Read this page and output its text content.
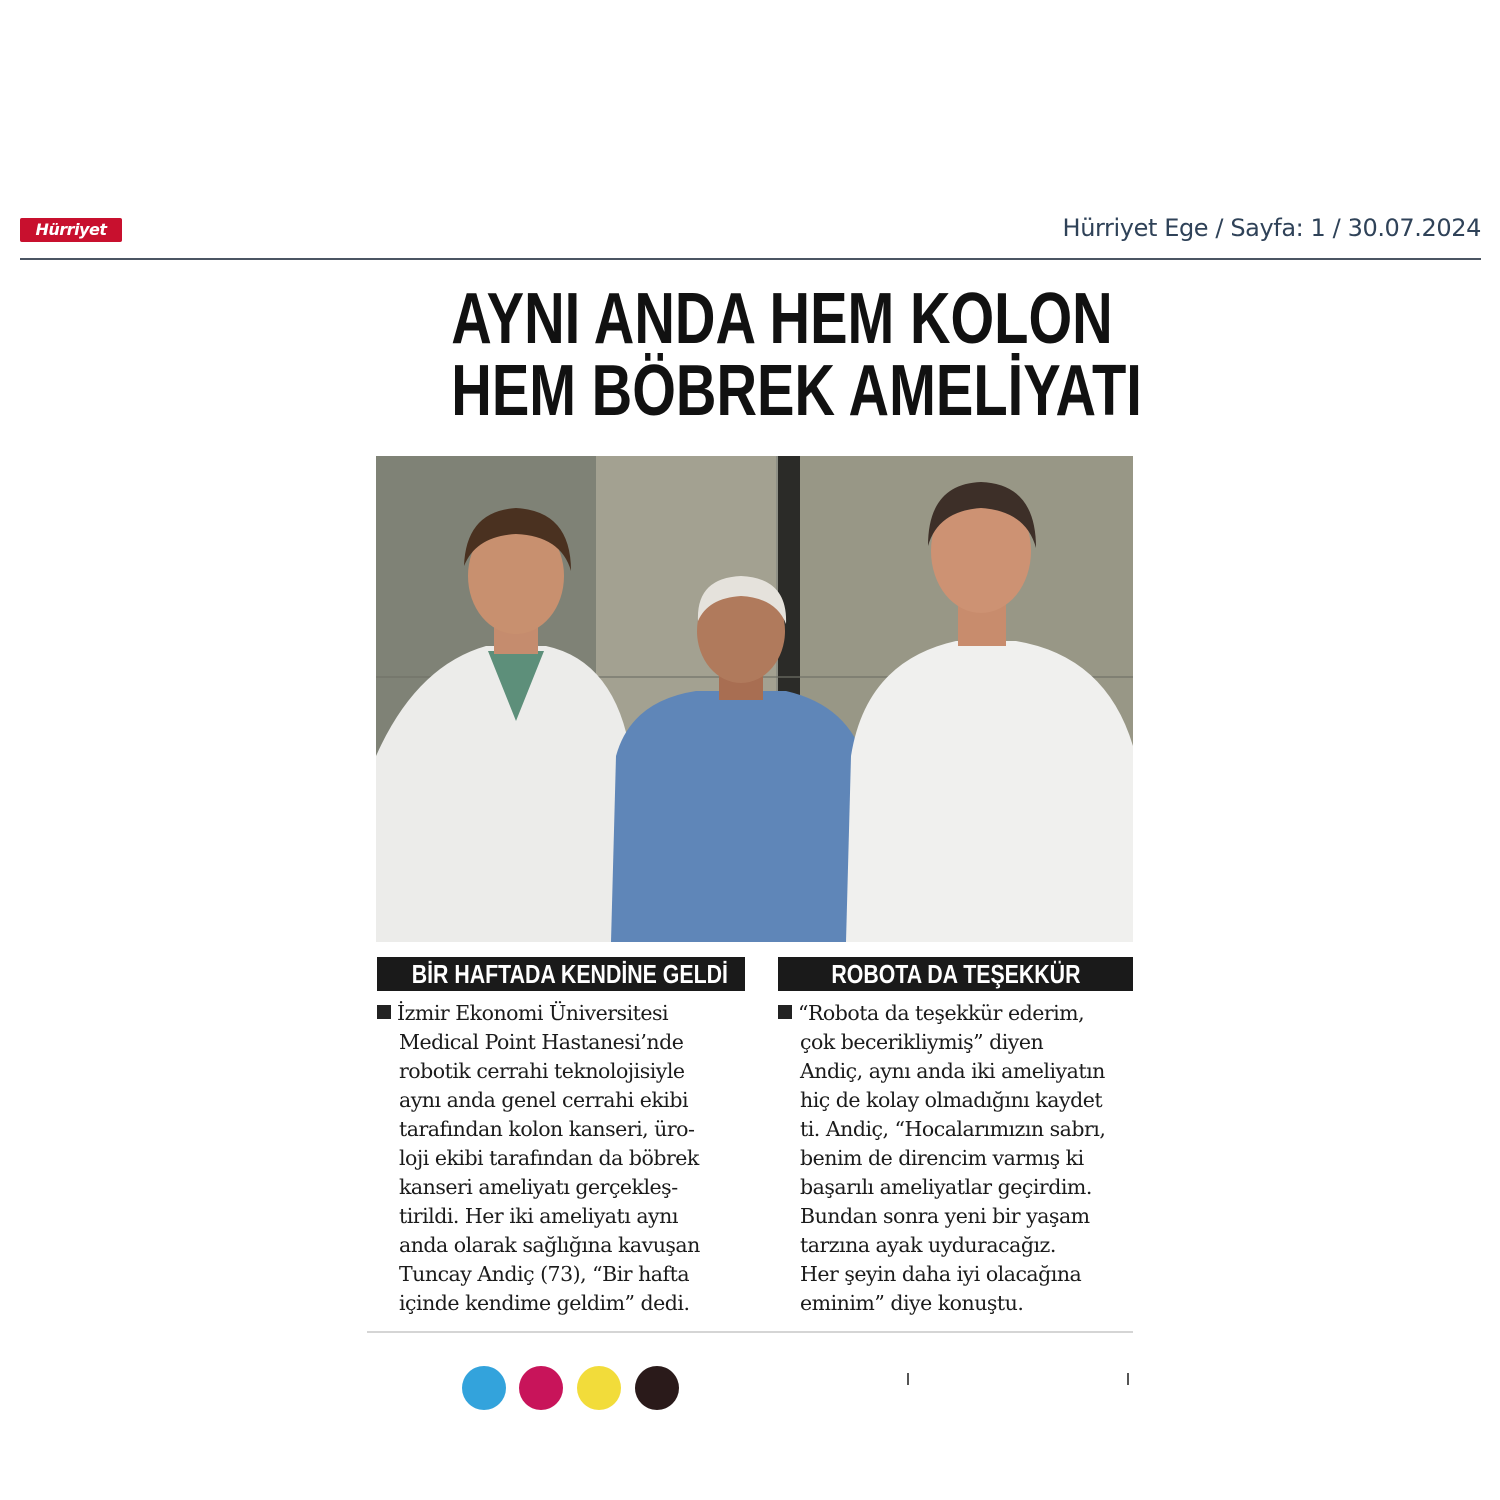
Hürriyet	Hürriyet Ege / Sayfa: 1 / 30.07.2024
AYNI ANDA HEM KOLON
HEM BÖBREK AMELİYATI
BİR HAFTADA KENDİNE GELDİ	ROBOTA DA TEŞEKKÜR
İzmir Ekonomi Üniversitesi
Medical Point Hastanesi’nde
robotik cerrahi teknolojisiyle
aynı anda genel cerrahi ekibi
tarafından kolon kanseri, üro-
loji ekibi tarafından da böbrek
kanseri ameliyatı gerçekleş-
tirildi. Her iki ameliyatı aynı
anda olarak sağlığına kavuşan
Tuncay Andiç (73), “Bir hafta
içinde kendime geldim” dedi.
“Robota da teşekkür ederim,
çok becerikliymiş” diyen
Andiç, aynı anda iki ameliyatın
hiç de kolay olmadığını kaydet
ti. Andiç, “Hocalarımızın sabrı,
benim de direncim varmış ki
başarılı ameliyatlar geçirdim.
Bundan sonra yeni bir yaşam
tarzına ayak uyduracağız.
Her şeyin daha iyi olacağına
eminim” diye konuştu.
